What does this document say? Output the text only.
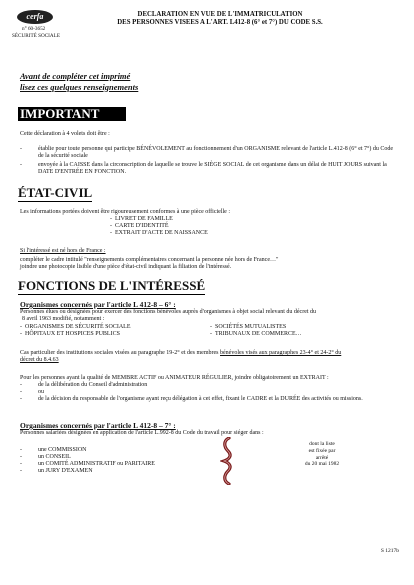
cerfa
n° 60-3652
SÉCURITÉ SOCIALE
DECLARATION EN VUE DE L'IMMATRICULATION
DES PERSONNES VISEES A L'ART. L412-8 (6° et 7°) DU CODE S.S.
Avant de compléter cet imprimé
lisez ces quelques renseignements
IMPORTANT
Cette déclaration à 4 volets doit être :
-	établie pour toute personne qui participe BÉNÉVOLEMENT au fonctionnement d'un ORGANISME relevant de l'article L.412-8 (6° et 7°) du Code de la sécurité sociale
-	envoyée à la CAISSE dans la circonscription de laquelle se trouve le SIÈGE SOCIAL de cet organisme dans un délai de HUIT JOURS suivant la DATE D'ENTRÉE EN FONCTION.
ÉTAT-CIVIL
Les informations portées doivent être rigoureusement conformes à une pièce officielle :
-  LIVRET DE FAMILLE
-  CARTE D'IDENTITÉ
-  EXTRAIT D'ACTE DE NAISSANCE
Si l'intéressé est né hors de France :
compléter le cadre intitulé "renseignements complémentaires concernant la personne née hors de France…"
joindre une photocopie lisible d'une pièce d'état-civil indiquant la filiation de l'intéressé.
FONCTIONS DE L'INTÉRESSÉ
Organismes concernés par l'article L 412-8 – 6° :
Personnes élues ou désignées pour exercer des fonctions bénévoles auprès d'organismes à objet social relevant du décret du
8 avril 1963 modifié, notamment :
-  ORGANISMES DE SÉCURITÉ SOCIALE
-  HÔPITAUX ET HOSPICES PUBLICS
-  SOCIÉTÉS MUTUALISTES
-  TRIBUNAUX DE COMMERCE…
Cas particulier des institutions sociales visées au paragraphe 19-2° et des membres bénévoles visés aux paragraphes 23-4° et 24-2° du
décret du 8.4.63
Pour les personnes ayant la qualité de MEMBRE ACTIF ou ANIMATEUR RÉGULIER, joindre obligatoirement un EXTRAIT :
-	de la délibération du Conseil d'administration
-	ou
-	de la décision du responsable de l'organisme ayant reçu délégation à cet effet, fixant le CADRE et la DURÉE des activités ou missions.
Organismes concernés par l'article L 412-8 – 7° :
Personnes salariées désignées en application de l'article L.992-8 du Code du travail pour siéger dans :
-	une COMMISSION
-	un CONSEIL
-	un COMITÉ ADMINISTRATIF ou PARITAIRE
-	un JURY D'EXAMEN
dont la liste
est fixée par
arrêté
du 20 mai 1982
S 1217b
